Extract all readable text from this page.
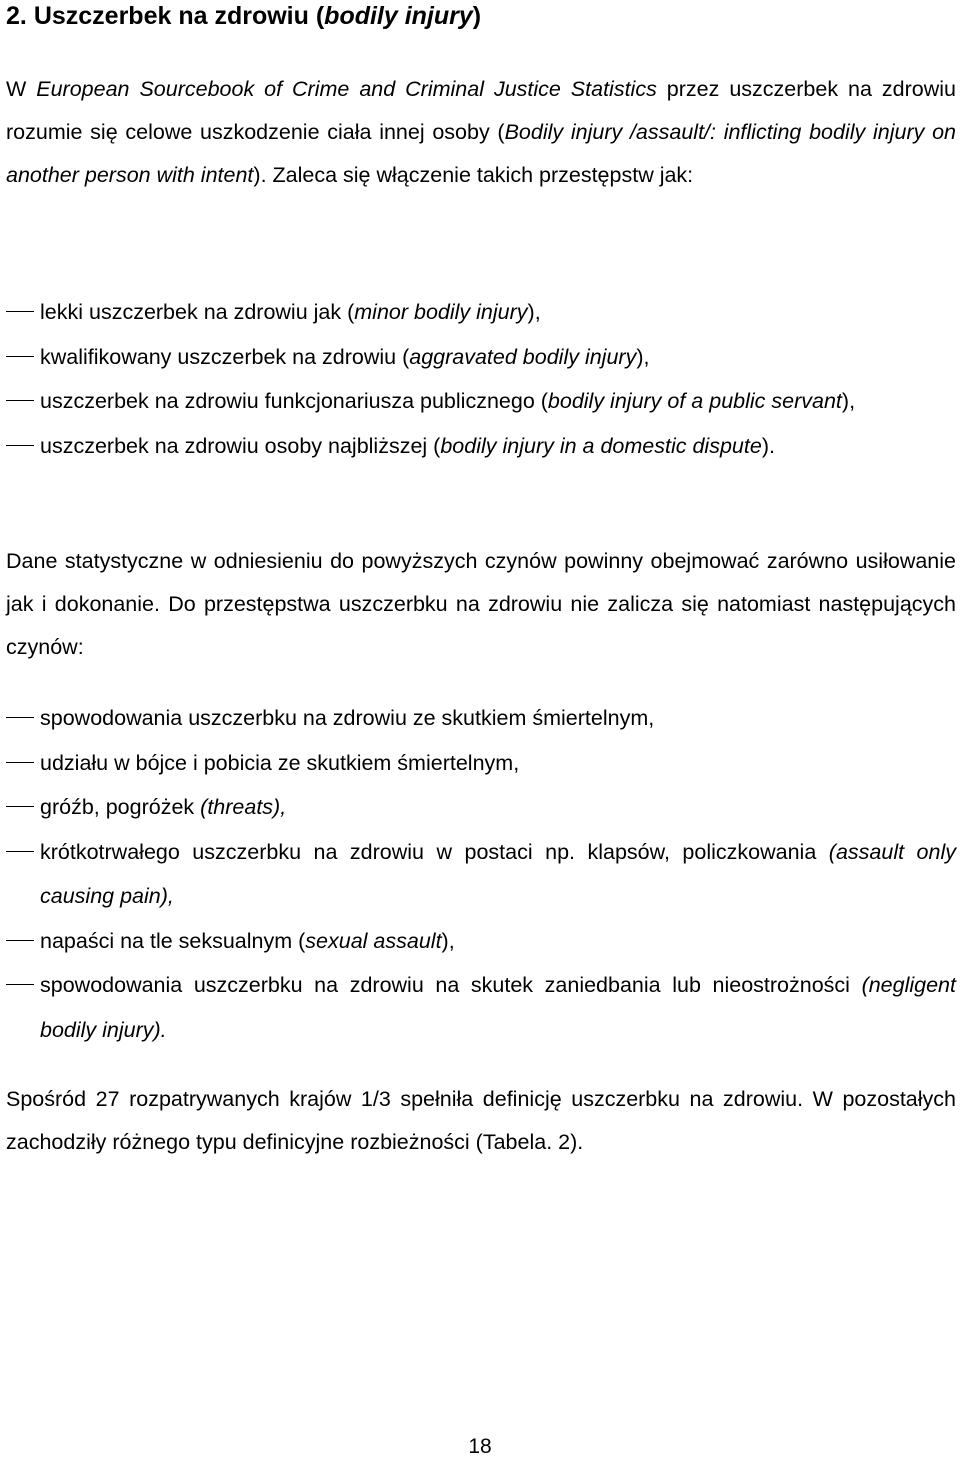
2. Uszczerbek na zdrowiu (bodily injury)

W European Sourcebook of Crime and Criminal Justice Statistics przez uszczerbek na zdrowiu rozumie się celowe uszkodzenie ciała innej osoby (Bodily injury /assault/: inflicting bodily injury on another person with intent). Zaleca się włączenie takich przestępstw jak:

lekki uszczerbek na zdrowiu jak (minor bodily injury),
kwalifikowany uszczerbek na zdrowiu (aggravated bodily injury),
uszczerbek na zdrowiu funkcjonariusza publicznego (bodily injury of a public servant),
uszczerbek na zdrowiu osoby najbliższej (bodily injury in a domestic dispute).

Dane statystyczne w odniesieniu do powyższych czynów powinny obejmować zarówno usiłowanie jak i dokonanie. Do przestępstwa uszczerbku na zdrowiu nie zalicza się natomiast następujących czynów:

spowodowania uszczerbku na zdrowiu ze skutkiem śmiertelnym,
udziału w bójce i pobicia ze skutkiem śmiertelnym,
gróźb, pogróżek (threats),
krótkotrwałego uszczerbku na zdrowiu w postaci np. klapsów, policzkowania (assault only causing pain),
napaści na tle seksualnym (sexual assault),
spowodowania uszczerbku na zdrowiu na skutek zaniedbania lub nieostrożności (negligent bodily injury).

Spośród 27 rozpatrywanych krajów 1/3 spełniła definicję uszczerbku na zdrowiu. W pozostałych zachodziły różnego typu definicyjne rozbieżności (Tabela. 2).

18
